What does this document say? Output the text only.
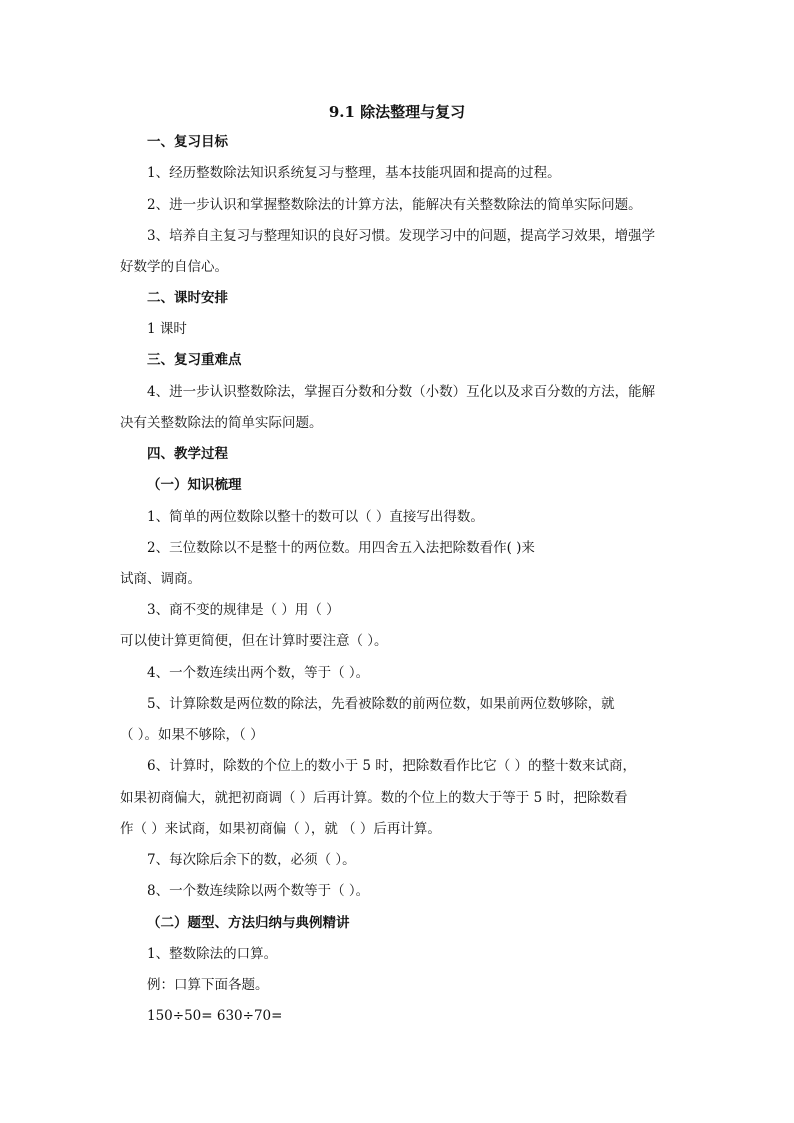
9.1 除法整理与复习
一、复习目标
1、经历整数除法知识系统复习与整理，基本技能巩固和提高的过程。
2、进一步认识和掌握整数除法的计算方法，能解决有关整数除法的简单实际问题。
3、培养自主复习与整理知识的良好习惯。发现学习中的问题，提高学习效果，增强学
好数学的自信心。
二、课时安排
1 课时
三、复习重难点
4、进一步认识整数除法，掌握百分数和分数（小数）互化以及求百分数的方法，能解
决有关整数除法的简单实际问题。
四、教学过程
（一）知识梳理
1、简单的两位数除以整十的数可以（ ）直接写出得数。
2、三位数除以不是整十的两位数。用四舍五入法把除数看作( )来
试商、调商。
3、商不变的规律是（ ）用（ ）
可以使计算更简便，但在计算时要注意（ ）。
4、一个数连续出两个数，等于（ ）。
5、计算除数是两位数的除法，先看被除数的前两位数，如果前两位数够除，就
（ ）。如果不够除，（ ）
6、计算时，除数的个位上的数小于 5 时，把除数看作比它（ ）的整十数来试商，
如果初商偏大，就把初商调（ ）后再计算。数的个位上的数大于等于 5 时，把除数看
作（ ）来试商，如果初商偏（ ），就 （ ）后再计算。
7、每次除后余下的数，必须（ ）。
8、一个数连续除以两个数等于（ ）。
（二）题型、方法归纳与典例精讲
1、整数除法的口算。
例：口算下面各题。
150÷50= 630÷70=
